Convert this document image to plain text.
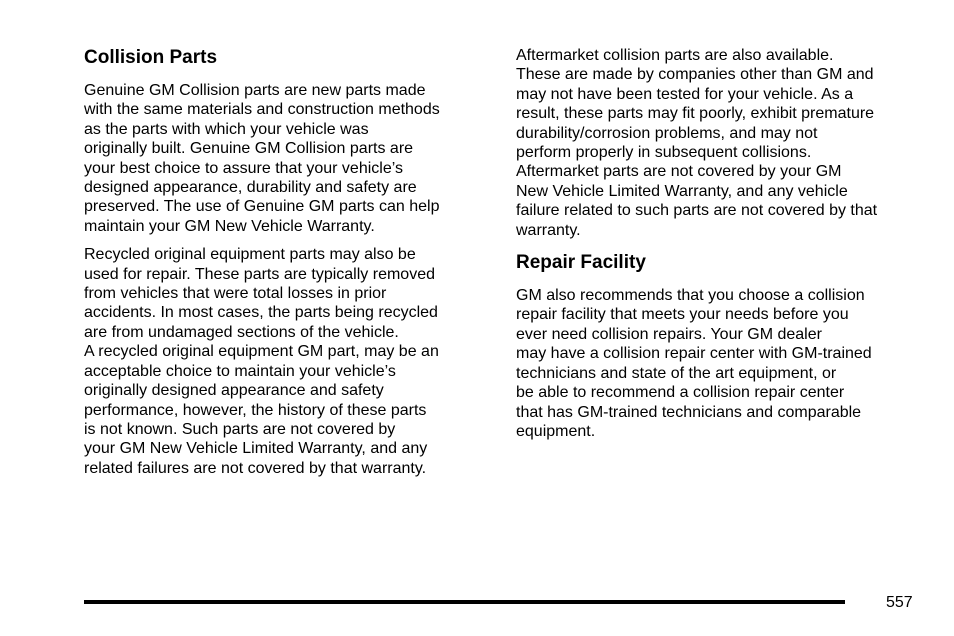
Collision Parts

Genuine GM Collision parts are new parts made
with the same materials and construction methods
as the parts with which your vehicle was
originally built. Genuine GM Collision parts are
your best choice to assure that your vehicle’s
designed appearance, durability and safety are
preserved. The use of Genuine GM parts can help
maintain your GM New Vehicle Warranty.

Recycled original equipment parts may also be
used for repair. These parts are typically removed
from vehicles that were total losses in prior
accidents. In most cases, the parts being recycled
are from undamaged sections of the vehicle.
A recycled original equipment GM part, may be an
acceptable choice to maintain your vehicle’s
originally designed appearance and safety
performance, however, the history of these parts
is not known. Such parts are not covered by
your GM New Vehicle Limited Warranty, and any
related failures are not covered by that warranty.

Aftermarket collision parts are also available.
These are made by companies other than GM and
may not have been tested for your vehicle. As a
result, these parts may fit poorly, exhibit premature
durability/corrosion problems, and may not
perform properly in subsequent collisions.
Aftermarket parts are not covered by your GM
New Vehicle Limited Warranty, and any vehicle
failure related to such parts are not covered by that
warranty.

Repair Facility

GM also recommends that you choose a collision
repair facility that meets your needs before you
ever need collision repairs. Your GM dealer
may have a collision repair center with GM-trained
technicians and state of the art equipment, or
be able to recommend a collision repair center
that has GM-trained technicians and comparable
equipment.

557
